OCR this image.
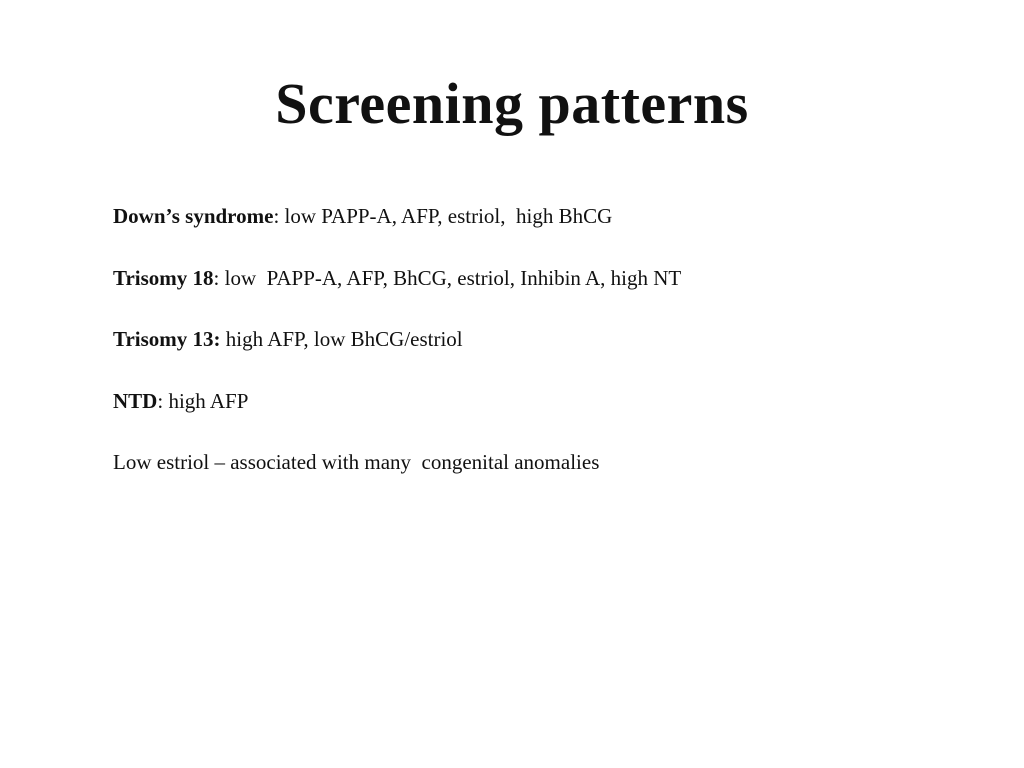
Screening patterns
Down’s syndrome: low PAPP-A, AFP, estriol,  high BhCG
Trisomy 18: low  PAPP-A, AFP, BhCG, estriol, Inhibin A, high NT
Trisomy 13: high AFP, low BhCG/estriol
NTD: high AFP
Low estriol – associated with many  congenital anomalies
